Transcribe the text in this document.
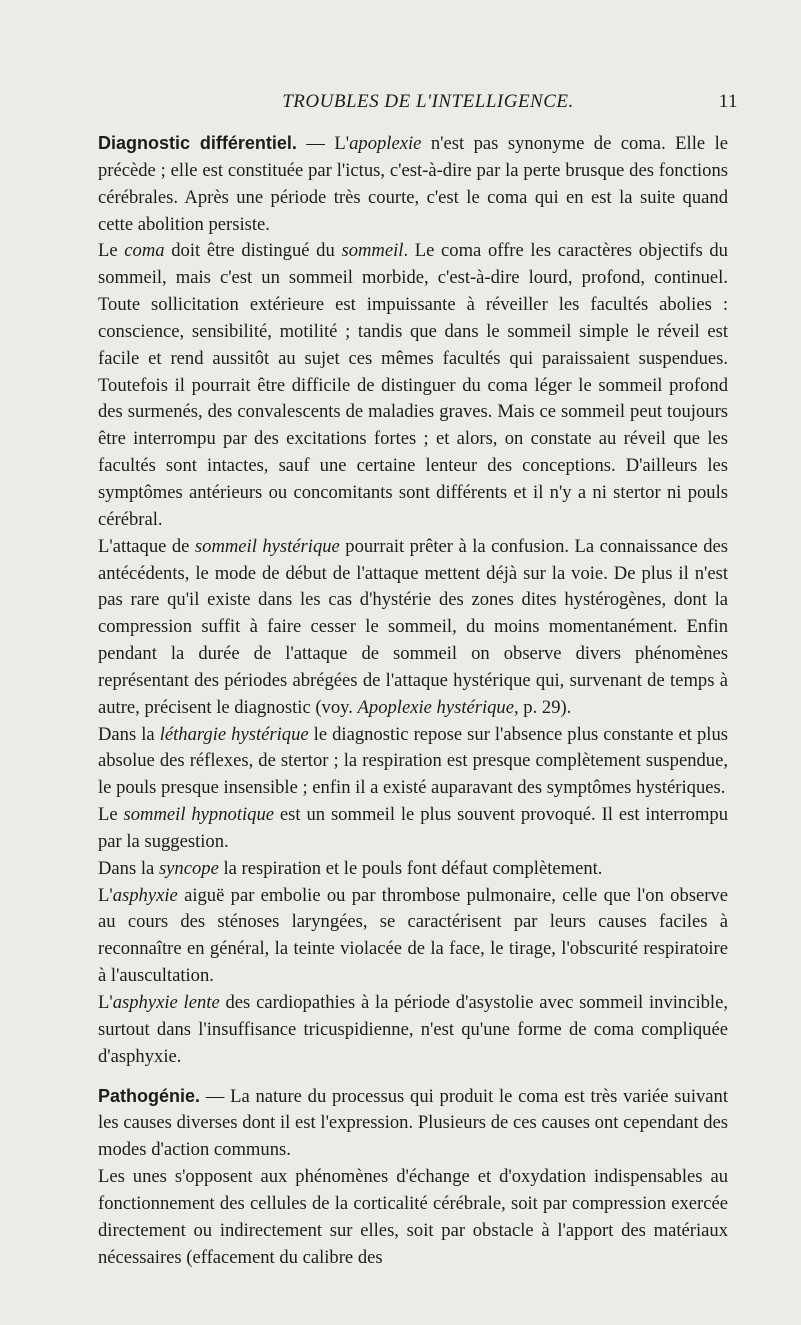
TROUBLES DE L'INTELLIGENCE.	11

Diagnostic différentiel. — L'apoplexie n'est pas synonyme de coma. Elle le précède ; elle est constituée par l'ictus, c'est-à-dire par la perte brusque des fonctions cérébrales. Après une période très courte, c'est le coma qui en est la suite quand cette abolition persiste.

Le coma doit être distingué du sommeil. Le coma offre les caractères objectifs du sommeil, mais c'est un sommeil morbide, c'est-à-dire lourd, profond, continuel. Toute sollicitation extérieure est impuissante à réveiller les facultés abolies : conscience, sensibilité, motilité ; tandis que dans le sommeil simple le réveil est facile et rend aussitôt au sujet ces mêmes facultés qui paraissaient suspendues. Toutefois il pourrait être difficile de distinguer du coma léger le sommeil profond des surmenés, des convalescents de maladies graves. Mais ce sommeil peut toujours être interrompu par des excitations fortes ; et alors, on constate au réveil que les facultés sont intactes, sauf une certaine lenteur des conceptions. D'ailleurs les symptômes antérieurs ou concomitants sont différents et il n'y a ni stertor ni pouls cérébral.

L'attaque de sommeil hystérique pourrait prêter à la confusion. La connaissance des antécédents, le mode de début de l'attaque mettent déjà sur la voie. De plus il n'est pas rare qu'il existe dans les cas d'hystérie des zones dites hystérogènes, dont la compression suffit à faire cesser le sommeil, du moins momentanément. Enfin pendant la durée de l'attaque de sommeil on observe divers phénomènes représentant des périodes abrégées de l'attaque hystérique qui, survenant de temps à autre, précisent le diagnostic (voy. Apoplexie hystérique, p. 29).

Dans la léthargie hystérique le diagnostic repose sur l'absence plus constante et plus absolue des réflexes, de stertor ; la respiration est presque complètement suspendue, le pouls presque insensible ; enfin il a existé auparavant des symptômes hystériques.

Le sommeil hypnotique est un sommeil le plus souvent provoqué. Il est interrompu par la suggestion.

Dans la syncope la respiration et le pouls font défaut complètement.

L'asphyxie aiguë par embolie ou par thrombose pulmonaire, celle que l'on observe au cours des sténoses laryngées, se caractérisent par leurs causes faciles à reconnaître en général, la teinte violacée de la face, le tirage, l'obscurité respiratoire à l'auscultation.

L'asphyxie lente des cardiopathies à la période d'asystolie avec sommeil invincible, surtout dans l'insuffisance tricuspidienne, n'est qu'une forme de coma compliquée d'asphyxie.

Pathogénie. — La nature du processus qui produit le coma est très variée suivant les causes diverses dont il est l'expression. Plusieurs de ces causes ont cependant des modes d'action communs.

Les unes s'opposent aux phénomènes d'échange et d'oxydation indispensables au fonctionnement des cellules de la corticalité cérébrale, soit par compression exercée directement ou indirectement sur elles, soit par obstacle à l'apport des matériaux nécessaires (effacement du calibre des
